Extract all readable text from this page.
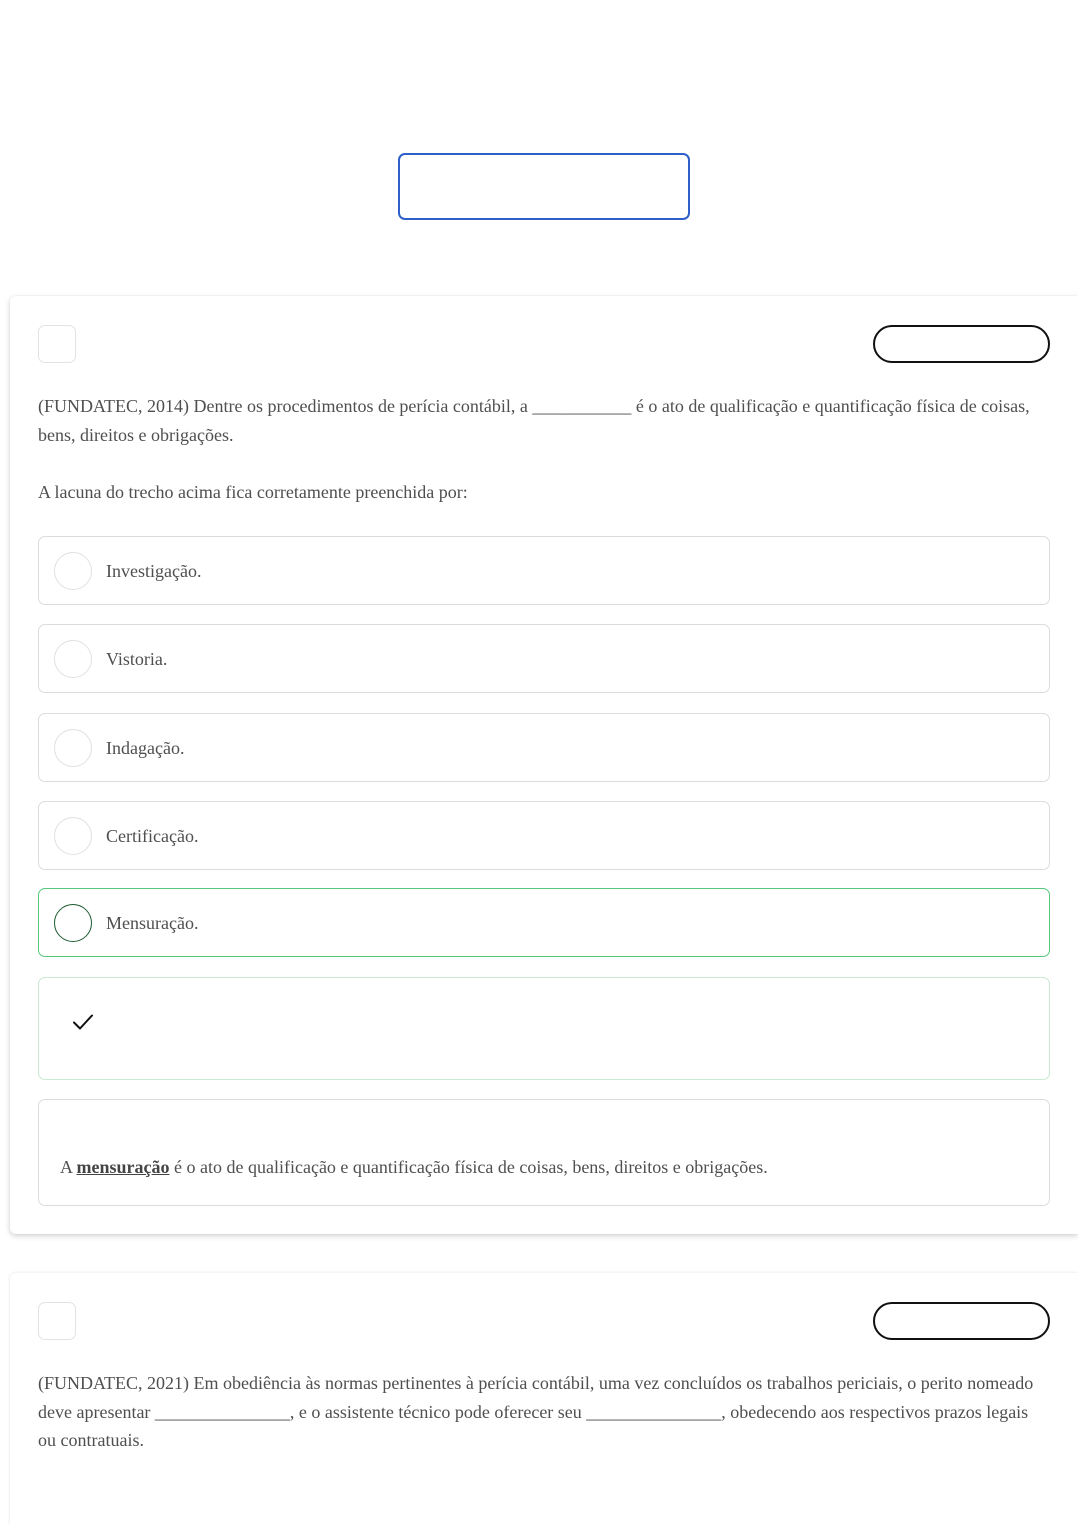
(FUNDATEC, 2014) Dentre os procedimentos de perícia contábil, a ___________ é o ato de qualificação e quantificação física de coisas, bens, direitos e obrigações.

A lacuna do trecho acima fica corretamente preenchida por:

Investigação.
Vistoria.
Indagação.
Certificação.
Mensuração.

A mensuração é o ato de qualificação e quantificação física de coisas, bens, direitos e obrigações.

(FUNDATEC, 2021) Em obediência às normas pertinentes à perícia contábil, uma vez concluídos os trabalhos periciais, o perito nomeado deve apresentar _______________, e o assistente técnico pode oferecer seu _______________, obedecendo aos respectivos prazos legais ou contratuais.
